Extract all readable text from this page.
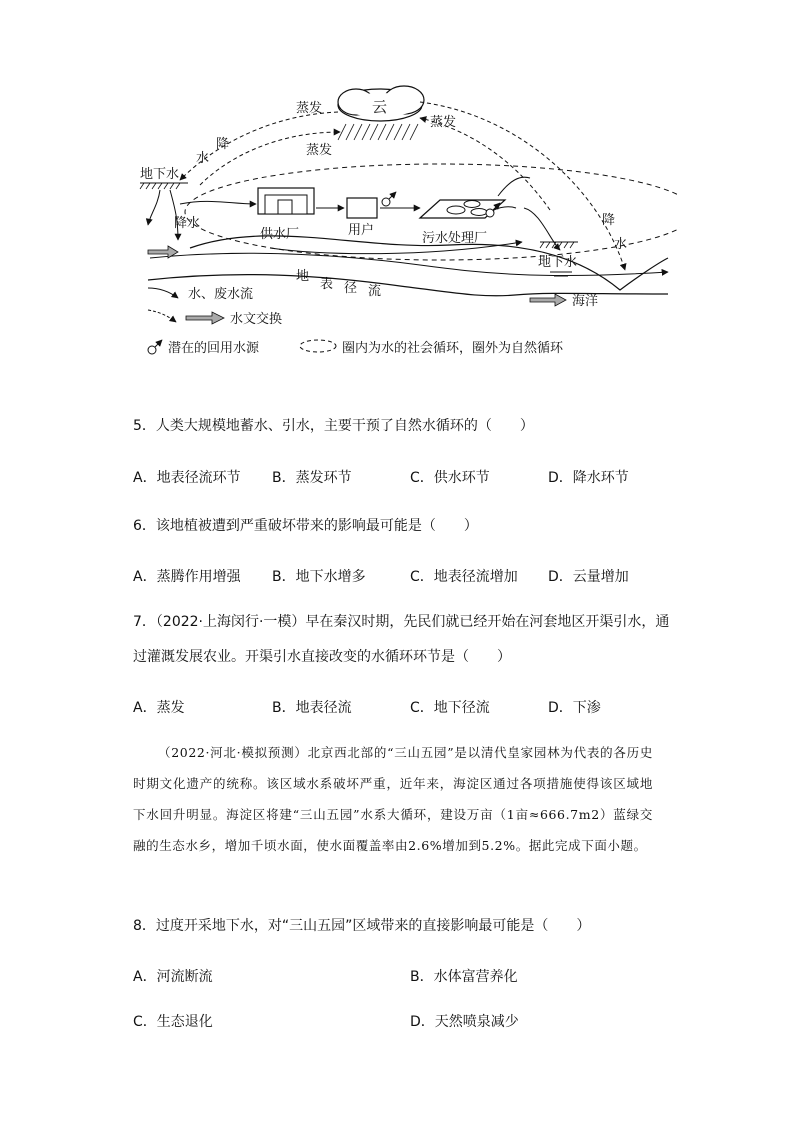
云
蒸发
蒸发
蒸发
水
降
降
水
地下水
降水
供水厂	用户
污水处理厂
地下水
地
表 径 流
海洋
水、废水流
水文交换
潜在的回用水源	圈内为水的社会循环，圈外为自然循环
5．人类大规模地蓄水、引水，主要干预了自然水循环的（　　）
A．地表径流环节 B．蒸发环节	C．供水环节	D．降水环节
6．该地植被遭到严重破坏带来的影响最可能是（　　）
A．蒸腾作用增强 B．地下水增多	C．地表径流增加 D．云量增加
7．（2022·上海闵行·一模）早在秦汉时期，先民们就已经开始在河套地区开渠引水，通
过灌溉发展农业。开渠引水直接改变的水循环环节是（　　）
A．蒸发	B．地表径流	C．地下径流	D．下渗

（2022·河北·模拟预测）北京西北部的“三山五园”是以清代皇家园林为代表的各历史时期文化遗产的统称。该区域水系破坏严重，近年来，海淀区通过各项措施使得该区域地下水回升明显。海淀区将建“三山五园”水系大循环，建设万亩（1亩≈666.7m2）蓝绿交融的生态水乡，增加千顷水面，使水面覆盖率由2.6%增加到5.2%。据此完成下面小题。

8．过度开采地下水，对“三山五园”区域带来的直接影响最可能是（　　）
A．河流断流	B．水体富营养化
C．生态退化	D．天然喷泉减少
